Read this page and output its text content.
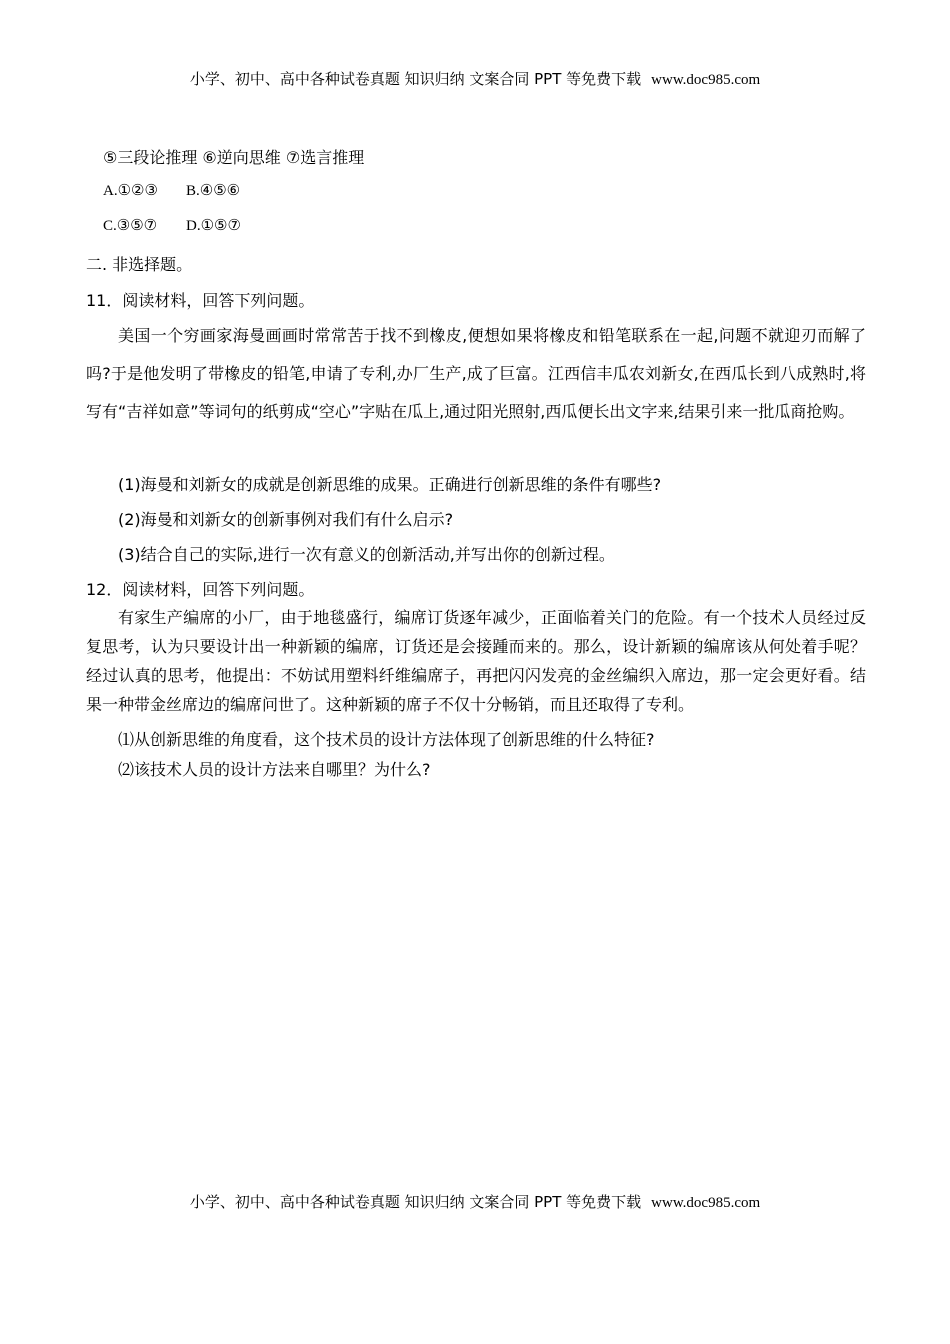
小学、初中、高中各种试卷真题 知识归纳 文案合同 PPT 等免费下载 www.doc985.com
⑤三段论推理 ⑥逆向思维 ⑦选言推理
A.①②③ B.④⑤⑥
C.③⑤⑦ D.①⑤⑦
二. 非选择题。
11．阅读材料，回答下列问题。
美国一个穷画家海曼画画时常常苦于找不到橡皮,便想如果将橡皮和铅笔联系在一起,问题不就迎刃而解了吗?于是他发明了带橡皮的铅笔,申请了专利,办厂生产,成了巨富。江西信丰瓜农刘新女,在西瓜长到八成熟时,将写有“吉祥如意”等词句的纸剪成“空心”字贴在瓜上,通过阳光照射,西瓜便长出文字来,结果引来一批瓜商抢购。
(1)海曼和刘新女的成就是创新思维的成果。正确进行创新思维的条件有哪些?
(2)海曼和刘新女的创新事例对我们有什么启示?
(3)结合自己的实际,进行一次有意义的创新活动,并写出你的创新过程。
12．阅读材料，回答下列问题。
有家生产编席的小厂，由于地毯盛行，编席订货逐年减少，正面临着关门的危险。有一个技术人员经过反复思考，认为只要设计出一种新颖的编席，订货还是会接踵而来的。那么，设计新颖的编席该从何处着手呢？经过认真的思考，他提出：不妨试用塑料纤维编席子，再把闪闪发亮的金丝编织入席边，那一定会更好看。结果一种带金丝席边的编席问世了。这种新颖的席子不仅十分畅销，而且还取得了专利。
⑴从创新思维的角度看，这个技术员的设计方法体现了创新思维的什么特征?
⑵该技术人员的设计方法来自哪里？为什么?
小学、初中、高中各种试卷真题 知识归纳 文案合同 PPT 等免费下载 www.doc985.com
